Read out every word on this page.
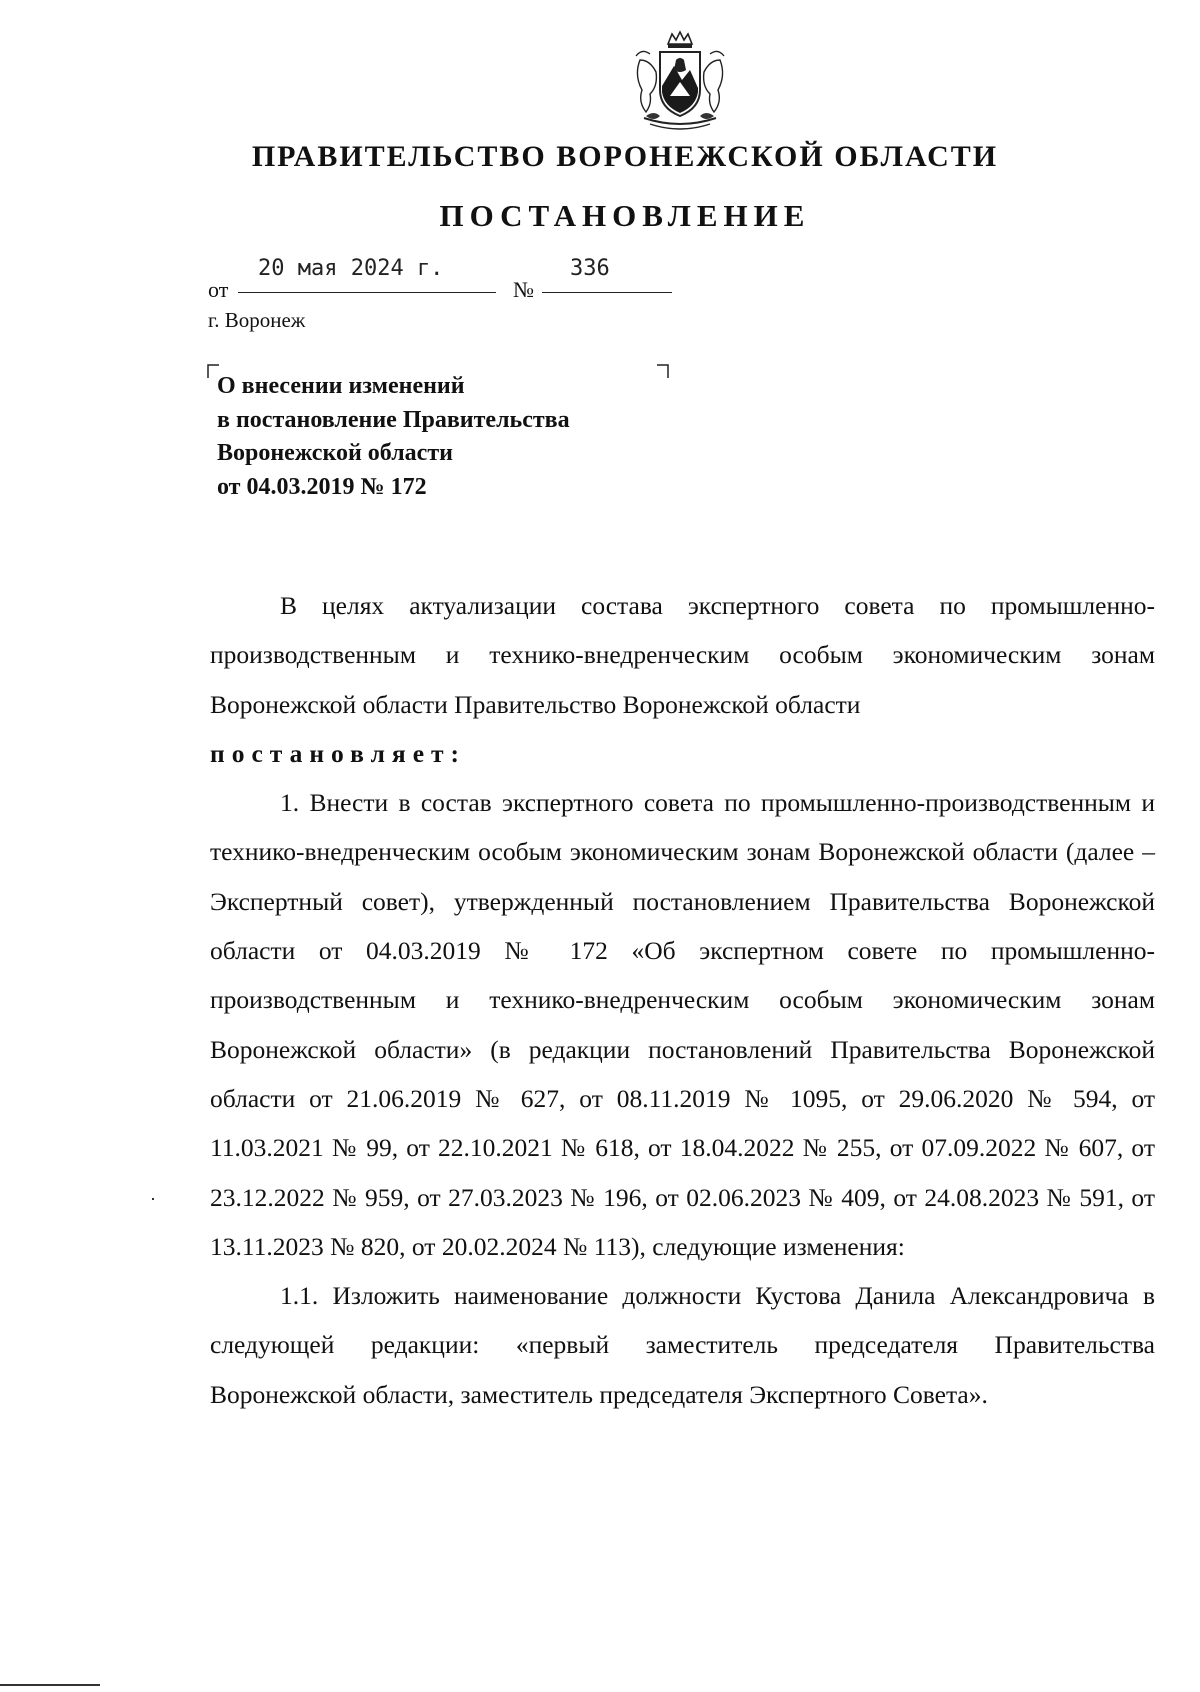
ПРАВИТЕЛЬСТВО ВОРОНЕЖСКОЙ ОБЛАСТИ
ПОСТАНОВЛЕНИЕ
от
20 мая 2024 г.
№
336
г. Воронеж
О внесении изменений
в постановление Правительства
Воронежской области
от 04.03.2019 № 172

В целях актуализации состава экспертного совета по промышленно-производственным и технико-внедренческим особым экономическим зонам Воронежской области Правительство Воронежской области

постановляет:

1. Внести в состав экспертного совета по промышленно-производственным и технико-внедренческим особым экономическим зонам Воронежской области (далее – Экспертный совет), утвержденный постановлением Правительства Воронежской области от 04.03.2019 № 172 «Об экспертном совете по промышленно-производственным и технико-внедренческим особым экономическим зонам Воронежской области» (в редакции постановлений Правительства Воронежской области от 21.06.2019 № 627, от 08.11.2019 № 1095, от 29.06.2020 № 594, от 11.03.2021 № 99, от 22.10.2021 № 618, от 18.04.2022 № 255, от 07.09.2022 № 607, от 23.12.2022 № 959, от 27.03.2023 № 196, от 02.06.2023 № 409, от 24.08.2023 № 591, от 13.11.2023 № 820, от 20.02.2024 № 113), следующие изменения:

1.1. Изложить наименование должности Кустова Данила Александровича в следующей редакции: «первый заместитель председателя Правительства Воронежской области, заместитель председателя Экспертного Совета».
